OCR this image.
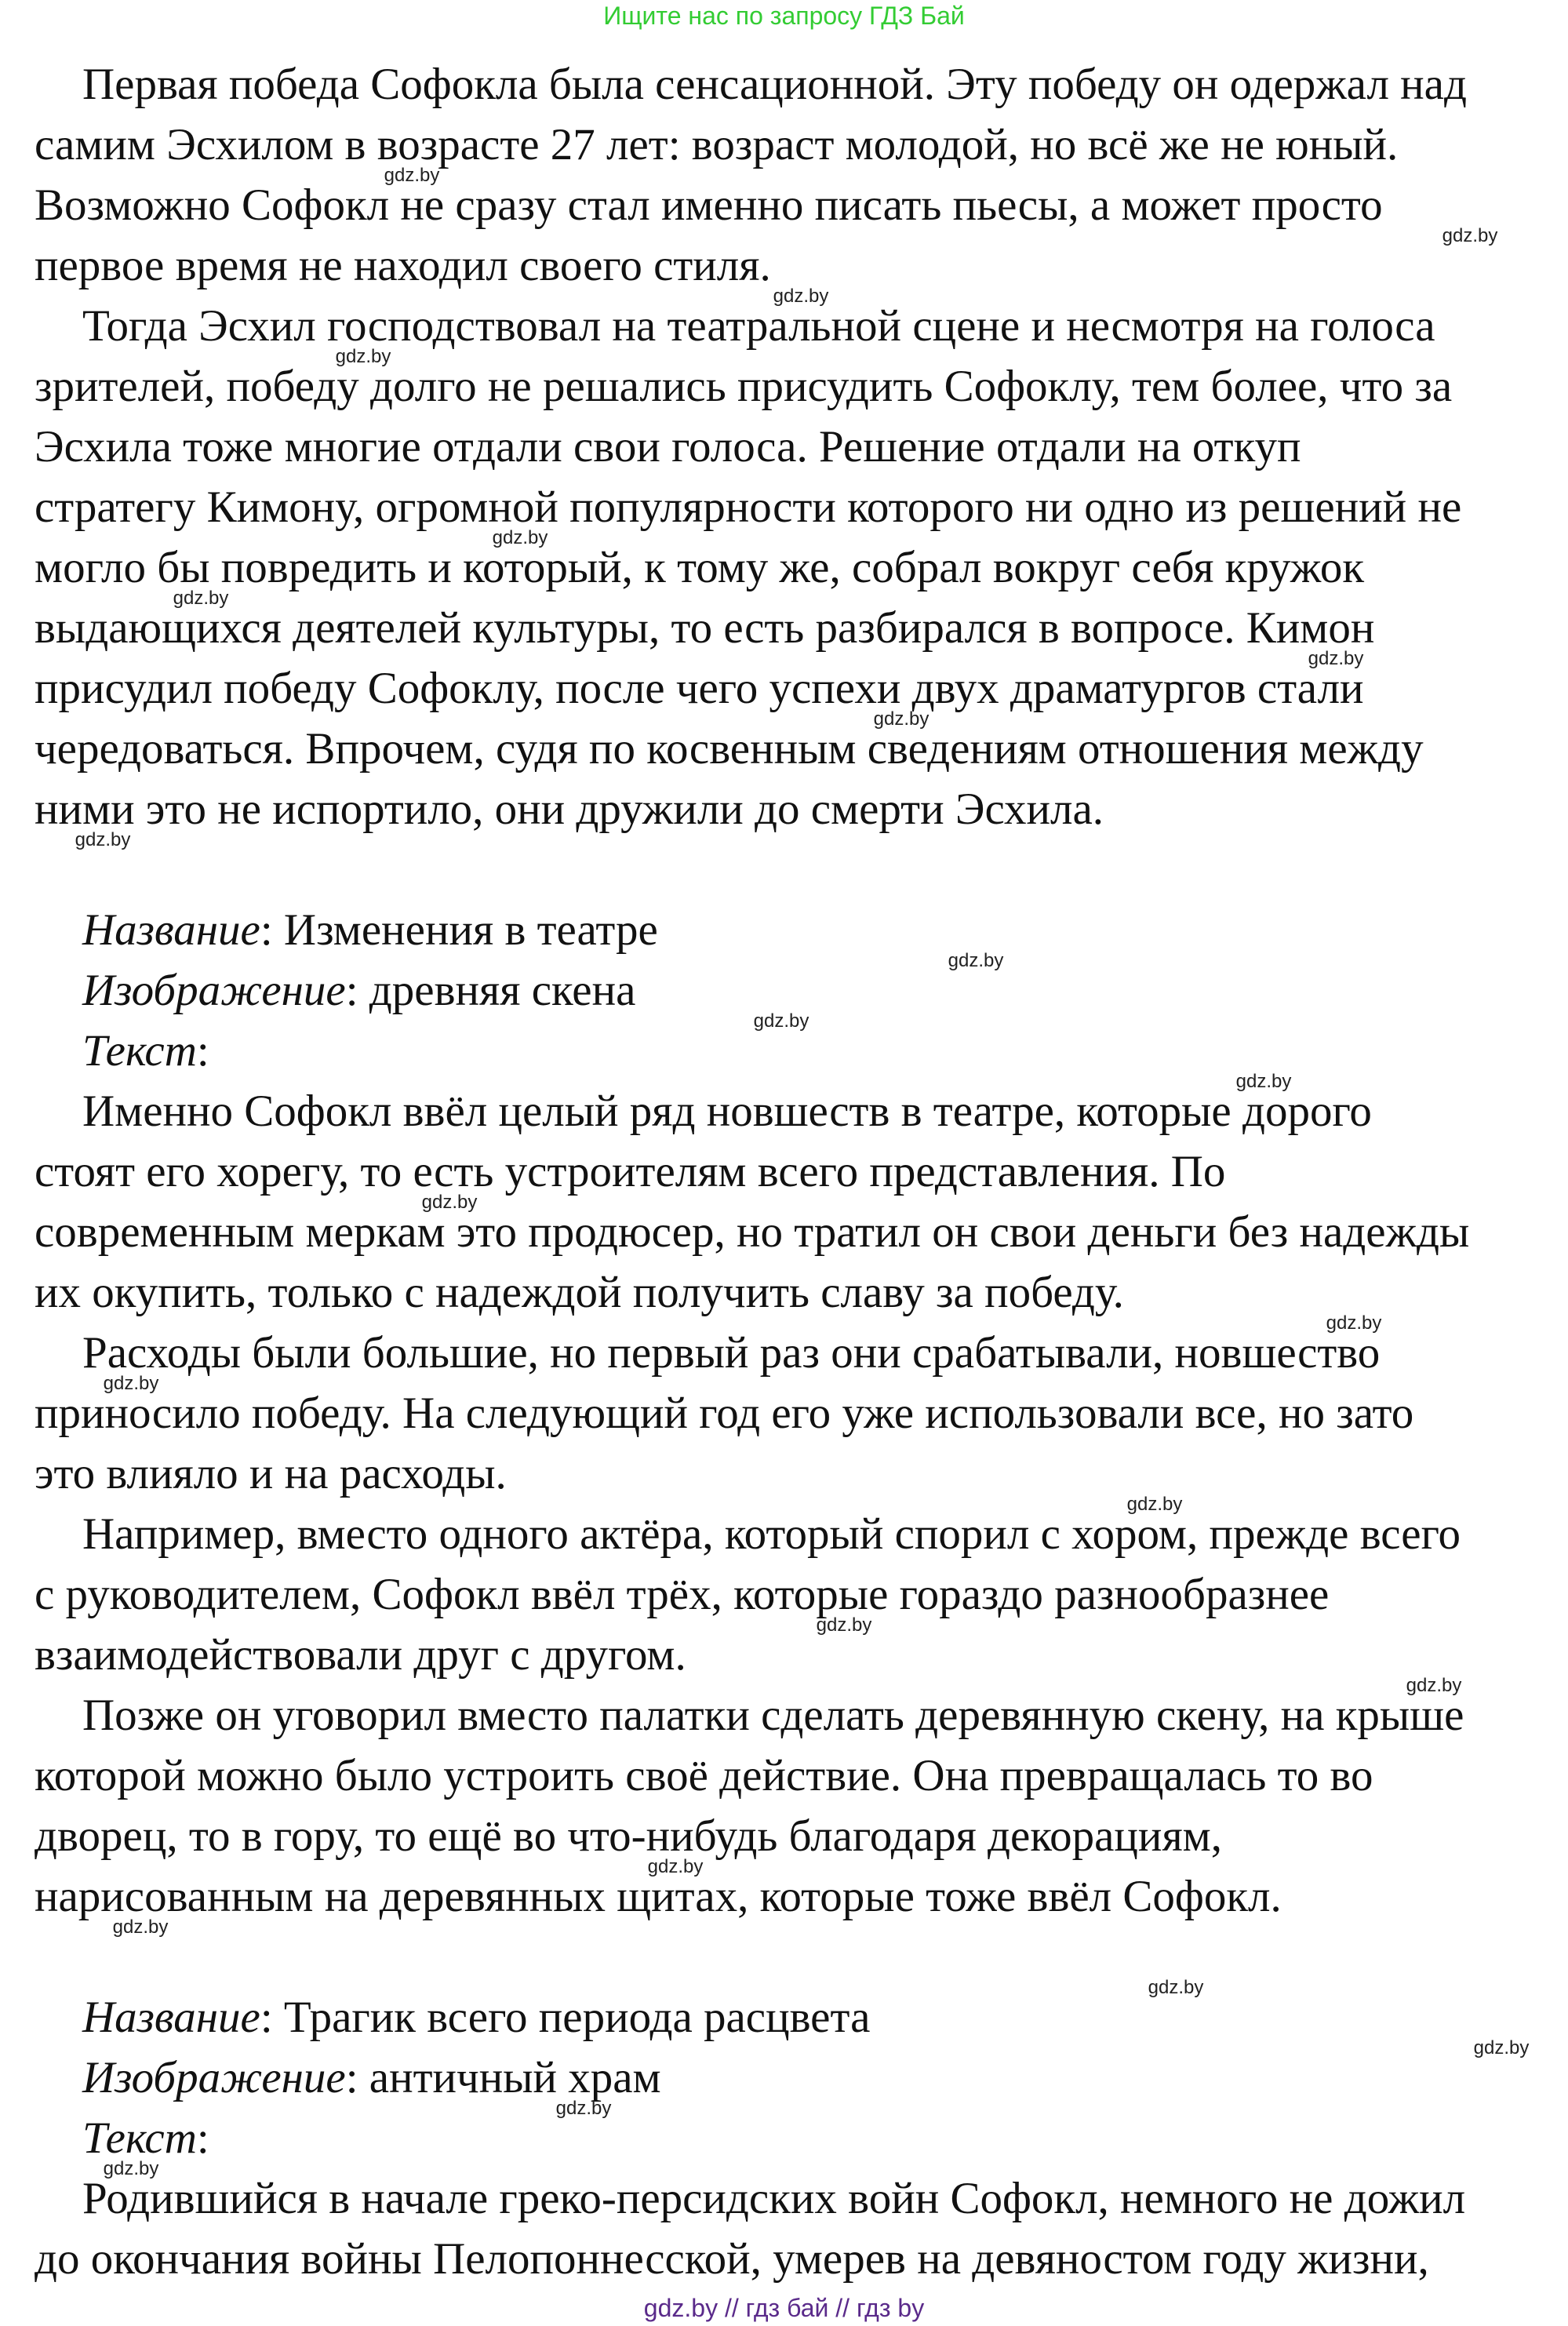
Ищите нас по запросу ГДЗ Бай
Первая победа Софокла была сенсационной. Эту победу он одержал над
самим Эсхилом в возрасте 27 лет: возраст молодой, но всё же не юный.
Возможно Софокл не сразу стал именно писать пьесы, а может просто
первое время не находил своего стиля.
Тогда Эсхил господствовал на театральной сцене и несмотря на голоса
зрителей, победу долго не решались присудить Софоклу, тем более, что за
Эсхила тоже многие отдали свои голоса. Решение отдали на откуп
стратегу Кимону, огромной популярности которого ни одно из решений не
могло бы повредить и который, к тому же, собрал вокруг себя кружок
выдающихся деятелей культуры, то есть разбирался в вопросе. Кимон
присудил победу Софоклу, после чего успехи двух драматургов стали
чередоваться. Впрочем, судя по косвенным сведениям отношения между
ними это не испортило, они дружили до смерти Эсхила.
Название: Изменения в театре
Изображение: древняя скена
Текст:
Именно Софокл ввёл целый ряд новшеств в театре, которые дорого
стоят его хорегу, то есть устроителям всего представления. По
современным меркам это продюсер, но тратил он свои деньги без надежды
их окупить, только с надеждой получить славу за победу.
Расходы были большие, но первый раз они срабатывали, новшество
приносило победу. На следующий год его уже использовали все, но зато
это влияло и на расходы.
Например, вместо одного актёра, который спорил с хором, прежде всего
с руководителем, Софокл ввёл трёх, которые гораздо разнообразнее
взаимодействовали друг с другом.
Позже он уговорил вместо палатки сделать деревянную скену, на крыше
которой можно было устроить своё действие. Она превращалась то во
дворец, то в гору, то ещё во что-нибудь благодаря декорациям,
нарисованным на деревянных щитах, которые тоже ввёл Софокл.
Название: Трагик всего периода расцвета
Изображение: античный храм
Текст:
Родившийся в начале греко-персидских войн Софокл, немного не дожил
до окончания войны Пелопоннесской, умерев на девяностом году жизни,
gdz.by
gdz.by
gdz.by
gdz.by
gdz.by
gdz.by
gdz.by
gdz.by
gdz.by
gdz.by
gdz.by
gdz.by
gdz.by
gdz.by
gdz.by
gdz.by
gdz.by
gdz.by
gdz.by
gdz.by
gdz.by
gdz.by
gdz.by
gdz.by
gdz.by // гдз бай // гдз by
